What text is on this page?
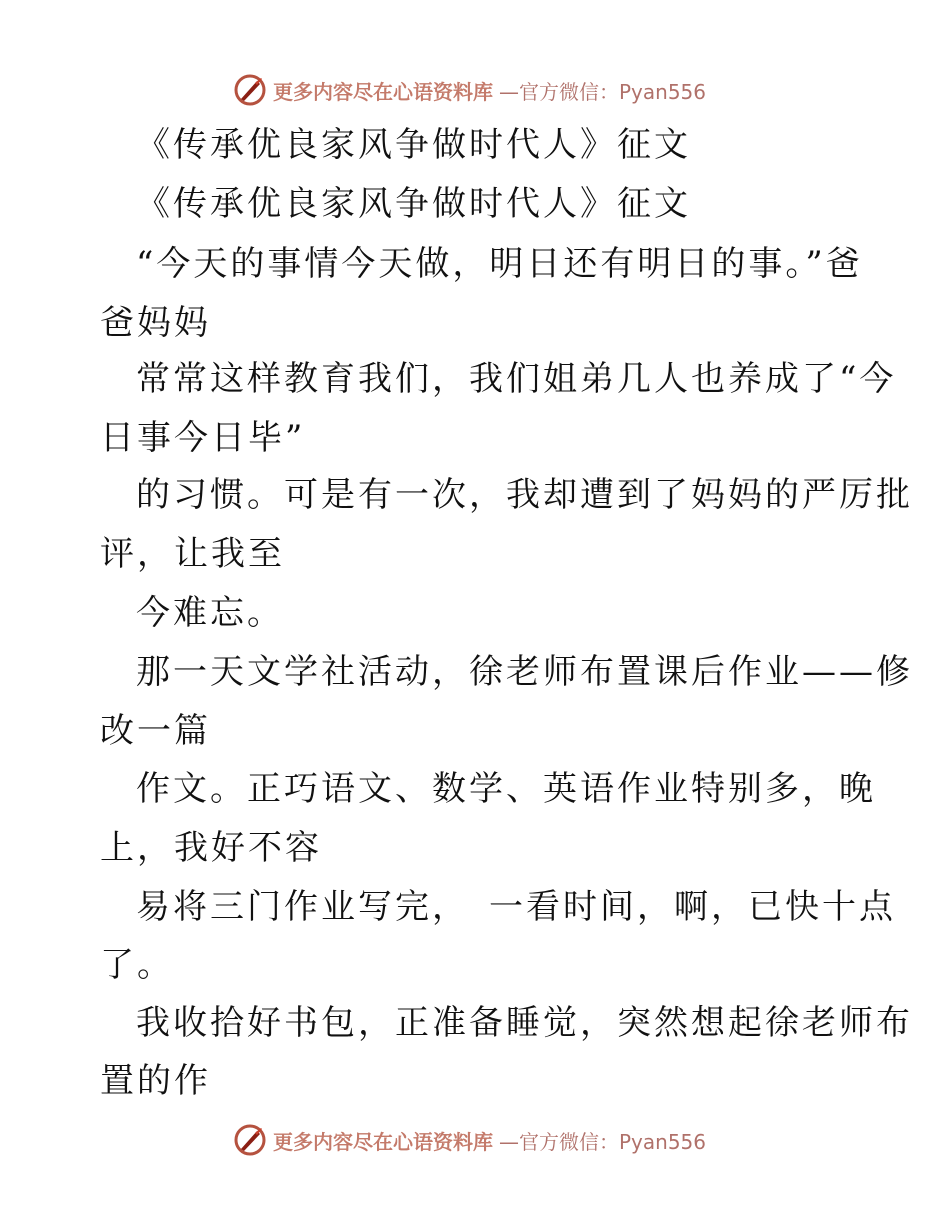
更多内容尽在心语资料库 —官方微信：Pyan556
《传承优良家风争做时代人》征文
《传承优良家风争做时代人》征文
“今天的事情今天做，明日还有明日的事。”爸
爸妈妈
常常这样教育我们，我们姐弟几人也养成了“今
日事今日毕”
的习惯。可是有一次，我却遭到了妈妈的严厉批
评，让我至
今难忘。
那一天文学社活动，徐老师布置课后作业——修
改一篇
作文。正巧语文、数学、英语作业特别多，晚
上，我好不容
易将三门作业写完，　一看时间，啊，已快十点
了。
我收拾好书包，正准备睡觉，突然想起徐老师布
置的作
更多内容尽在心语资料库 —官方微信：Pyan556
